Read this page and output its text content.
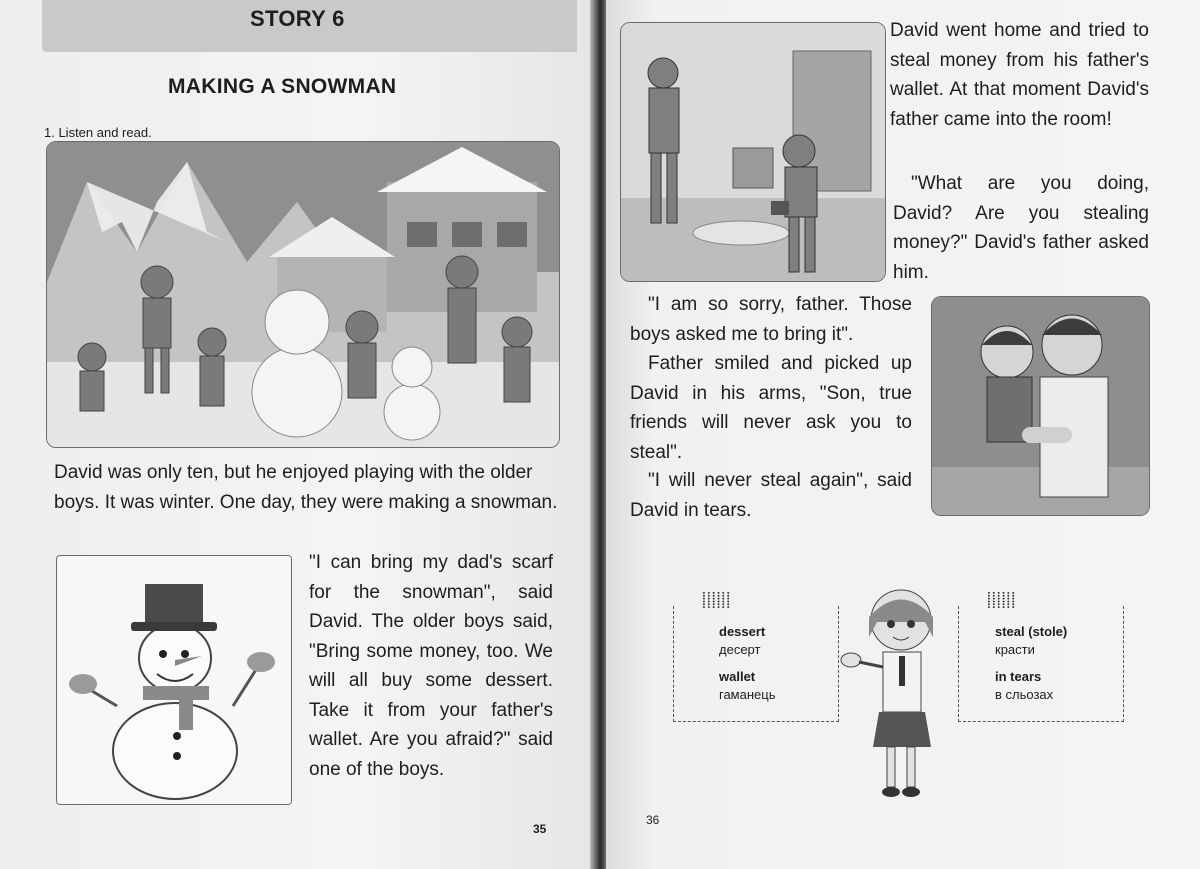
STORY 6
MAKING A SNOWMAN

1. Listen and read.

David was only ten, but he enjoyed playing with the older boys. It was winter. One day, they were making a snowman.

"I can bring my dad's scarf for the snowman", said David. The older boys said, "Bring some money, too. We will all buy some dessert. Take it from your father's wallet. Are you afraid?" said one of the boys.

35

David went home and tried to steal money from his father's wallet. At that moment David's father came into the room!

"What are you doing, David? Are you stealing money?" David's father asked him.

"I am so sorry, father. Those boys asked me to bring it".

Father smiled and picked up David in his arms, "Son, true friends will never ask you to steal".

"I will never steal again", said David in tears.

⸽⸽⸽⸽⸽⸽
dessert
десерт
wallet
гаманець
⸽⸽⸽⸽⸽⸽
steal (stole)
красти
in tears
в сльозах
36
